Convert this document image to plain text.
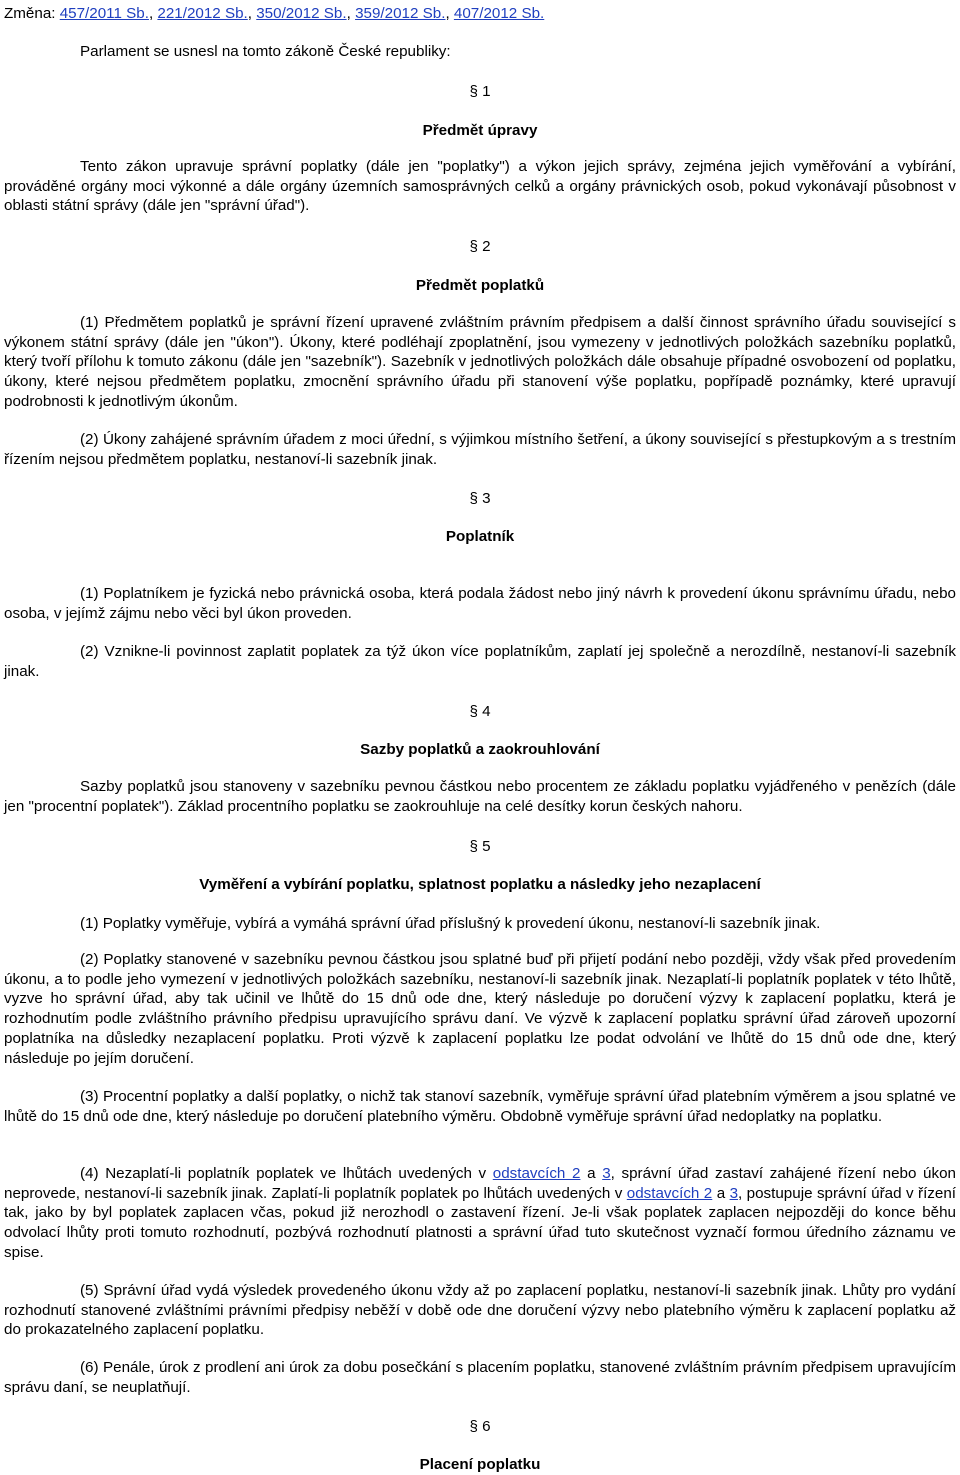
Změna: 457/2011 Sb., 221/2012 Sb., 350/2012 Sb., 359/2012 Sb., 407/2012 Sb.
Parlament se usnesl na tomto zákoně České republiky:
§ 1
Předmět úpravy
Tento zákon upravuje správní poplatky (dále jen "poplatky") a výkon jejich správy, zejména jejich vyměřování a vybírání, prováděné orgány moci výkonné a dále orgány územních samosprávných celků a orgány právnických osob, pokud vykonávají působnost v oblasti státní správy (dále jen "správní úřad").
§ 2
Předmět poplatků
(1) Předmětem poplatků je správní řízení upravené zvláštním právním předpisem a další činnost správního úřadu související s výkonem státní správy (dále jen "úkon"). Úkony, které podléhají zpoplatnění, jsou vymezeny v jednotlivých položkách sazebníku poplatků, který tvoří přílohu k tomuto zákonu (dále jen "sazebník"). Sazebník v jednotlivých položkách dále obsahuje případné osvobození od poplatku, úkony, které nejsou předmětem poplatku, zmocnění správního úřadu při stanovení výše poplatku, popřípadě poznámky, které upravují podrobnosti k jednotlivým úkonům.
(2) Úkony zahájené správním úřadem z moci úřední, s výjimkou místního šetření, a úkony související s přestupkovým a s trestním řízením nejsou předmětem poplatku, nestanoví-li sazebník jinak.
§ 3
Poplatník
(1) Poplatníkem je fyzická nebo právnická osoba, která podala žádost nebo jiný návrh k provedení úkonu správnímu úřadu, nebo osoba, v jejímž zájmu nebo věci byl úkon proveden.
(2) Vznikne-li povinnost zaplatit poplatek za týž úkon více poplatníkům, zaplatí jej společně a nerozdílně, nestanoví-li sazebník jinak.
§ 4
Sazby poplatků a zaokrouhlování
Sazby poplatků jsou stanoveny v sazebníku pevnou částkou nebo procentem ze základu poplatku vyjádřeného v penězích (dále jen "procentní poplatek"). Základ procentního poplatku se zaokrouhluje na celé desítky korun českých nahoru.
§ 5
Vyměření a vybírání poplatku, splatnost poplatku a následky jeho nezaplacení
(1) Poplatky vyměřuje, vybírá a vymáhá správní úřad příslušný k provedení úkonu, nestanoví-li sazebník jinak.
(2) Poplatky stanovené v sazebníku pevnou částkou jsou splatné buď při přijetí podání nebo později, vždy však před provedením úkonu, a to podle jeho vymezení v jednotlivých položkách sazebníku, nestanoví-li sazebník jinak. Nezaplatí-li poplatník poplatek v této lhůtě, vyzve ho správní úřad, aby tak učinil ve lhůtě do 15 dnů ode dne, který následuje po doručení výzvy k zaplacení poplatku, která je rozhodnutím podle zvláštního právního předpisu upravujícího správu daní. Ve výzvě k zaplacení poplatku správní úřad zároveň upozorní poplatníka na důsledky nezaplacení poplatku. Proti výzvě k zaplacení poplatku lze podat odvolání ve lhůtě do 15 dnů ode dne, který následuje po jejím doručení.
(3) Procentní poplatky a další poplatky, o nichž tak stanoví sazebník, vyměřuje správní úřad platebním výměrem a jsou splatné ve lhůtě do 15 dnů ode dne, který následuje po doručení platebního výměru. Obdobně vyměřuje správní úřad nedoplatky na poplatku.
(4) Nezaplatí-li poplatník poplatek ve lhůtách uvedených v odstavcích 2 a 3, správní úřad zastaví zahájené řízení nebo úkon neprovede, nestanoví-li sazebník jinak. Zaplatí-li poplatník poplatek po lhůtách uvedených v odstavcích 2 a 3, postupuje správní úřad v řízení tak, jako by byl poplatek zaplacen včas, pokud již nerozhodl o zastavení řízení. Je-li však poplatek zaplacen nejpozději do konce běhu odvolací lhůty proti tomuto rozhodnutí, pozbývá rozhodnutí platnosti a správní úřad tuto skutečnost vyznačí formou úředního záznamu ve spise.
(5) Správní úřad vydá výsledek provedeného úkonu vždy až po zaplacení poplatku, nestanoví-li sazebník jinak. Lhůty pro vydání rozhodnutí stanovené zvláštními právními předpisy neběží v době ode dne doručení výzvy nebo platebního výměru k zaplacení poplatku až do prokazatelného zaplacení poplatku.
(6) Penále, úrok z prodlení ani úrok za dobu posečkání s placením poplatku, stanovené zvláštním právním předpisem upravujícím správu daní, se neuplatňují.
§ 6
Placení poplatku
